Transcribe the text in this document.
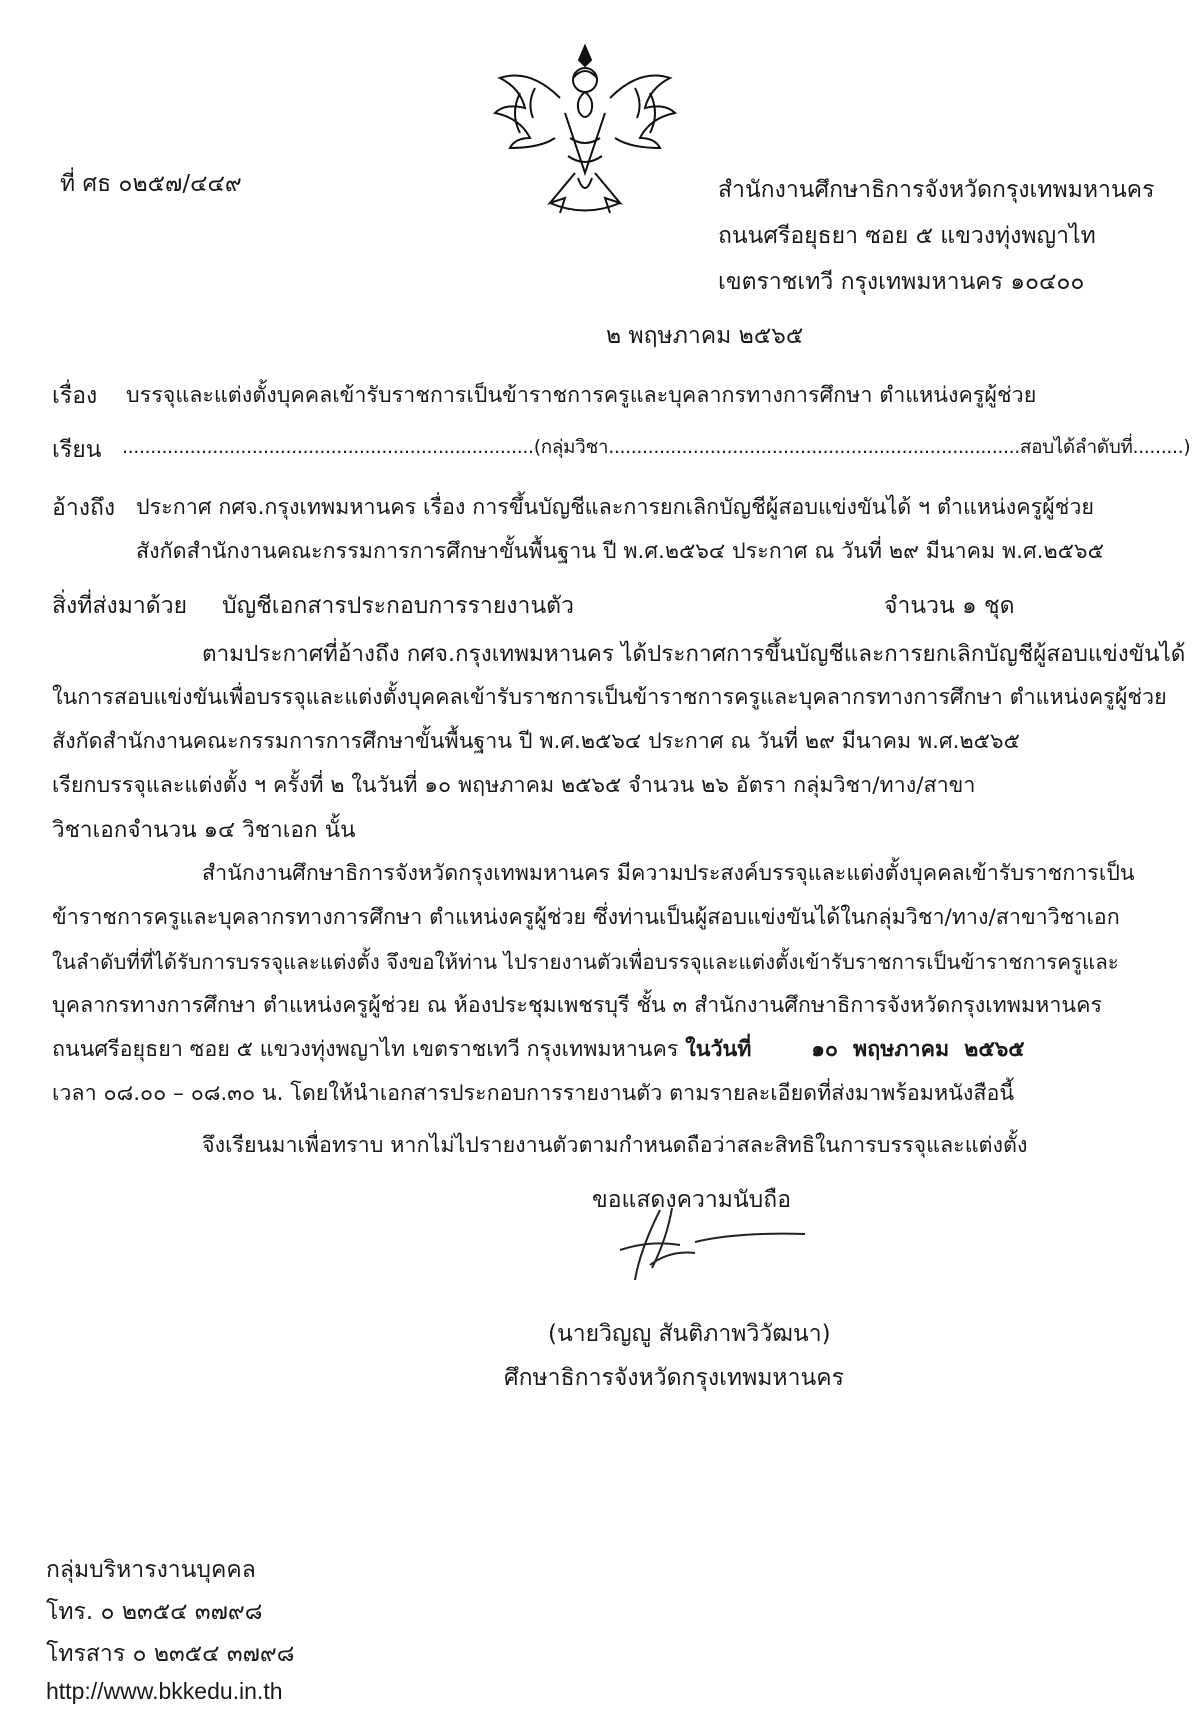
ที่ ศธ ๐๒๕๗/๔๔๙	สำนักงานศึกษาธิการจังหวัดกรุงเทพมหานคร
ถนนศรีอยุธยา ซอย ๕ แขวงทุ่งพญาไท
เขตราชเทวี กรุงเทพมหานคร ๑๐๔๐๐
๒ พฤษภาคม ๒๕๖๕
เรื่อง บรรจุและแต่งตั้งบุคคลเข้ารับราชการเป็นข้าราชการครูและบุคลากรทางการศึกษา ตำแหน่งครูผู้ช่วย
เรียน .........................................................................(กลุ่มวิชา.........................................................................สอบได้ลำดับที่.........)
อ้างถึง ประกาศ กศจ.กรุงเทพมหานคร เรื่อง การขึ้นบัญชีและการยกเลิกบัญชีผู้สอบแข่งขันได้ ฯ ตำแหน่งครูผู้ช่วย
สังกัดสำนักงานคณะกรรมการการศึกษาขั้นพื้นฐาน ปี พ.ศ.๒๕๖๔ ประกาศ ณ วันที่ ๒๙ มีนาคม พ.ศ.๒๕๖๕
สิ่งที่ส่งมาด้วย บัญชีเอกสารประกอบการรายงานตัว	จำนวน ๑ ชุด
ตามประกาศที่อ้างถึง กศจ.กรุงเทพมหานคร ได้ประกาศการขึ้นบัญชีและการยกเลิกบัญชีผู้สอบแข่งขันได้
ในการสอบแข่งขันเพื่อบรรจุและแต่งตั้งบุคคลเข้ารับราชการเป็นข้าราชการครูและบุคลากรทางการศึกษา ตำแหน่งครูผู้ช่วย
สังกัดสำนักงานคณะกรรมการการศึกษาขั้นพื้นฐาน ปี พ.ศ.๒๕๖๔ ประกาศ ณ วันที่ ๒๙ มีนาคม พ.ศ.๒๕๖๕
เรียกบรรจุและแต่งตั้ง ฯ ครั้งที่ ๒ ในวันที่ ๑๐ พฤษภาคม ๒๕๖๕ จำนวน ๒๖ อัตรา กลุ่มวิชา/ทาง/สาขา
วิชาเอกจำนวน ๑๔ วิชาเอก นั้น
สำนักงานศึกษาธิการจังหวัดกรุงเทพมหานคร มีความประสงค์บรรจุและแต่งตั้งบุคคลเข้ารับราชการเป็น
ข้าราชการครูและบุคลากรทางการศึกษา ตำแหน่งครูผู้ช่วย ซึ่งท่านเป็นผู้สอบแข่งขันได้ในกลุ่มวิชา/ทาง/สาขาวิชาเอก
ในลำดับที่ที่ได้รับการบรรจุและแต่งตั้ง จึงขอให้ท่าน ไปรายงานตัวเพื่อบรรจุและแต่งตั้งเข้ารับราชการเป็นข้าราชการครูและ
บุคลากรทางการศึกษา ตำแหน่งครูผู้ช่วย ณ ห้องประชุมเพชรบุรี ชั้น ๓ สำนักงานศึกษาธิการจังหวัดกรุงเทพมหานคร
ถนนศรีอยุธยา ซอย ๕ แขวงทุ่งพญาไท เขตราชเทวี กรุงเทพมหานคร ในวันที่        ๑๐  พฤษภาคม  ๒๕๖๕
เวลา ๐๘.๐๐ – ๐๘.๓๐ น. โดยให้นำเอกสารประกอบการรายงานตัว ตามรายละเอียดที่ส่งมาพร้อมหนังสือนี้
จึงเรียนมาเพื่อทราบ หากไม่ไปรายงานตัวตามกำหนดถือว่าสละสิทธิในการบรรจุและแต่งตั้ง
ขอแสดงความนับถือ
(นายวิญญู สันติภาพวิวัฒนา)
ศึกษาธิการจังหวัดกรุงเทพมหานคร
กลุ่มบริหารงานบุคคล
โทร. ๐ ๒๓๕๔ ๓๗๙๘
โทรสาร ๐ ๒๓๕๔ ๓๗๙๘
http://www.bkkedu.in.th
